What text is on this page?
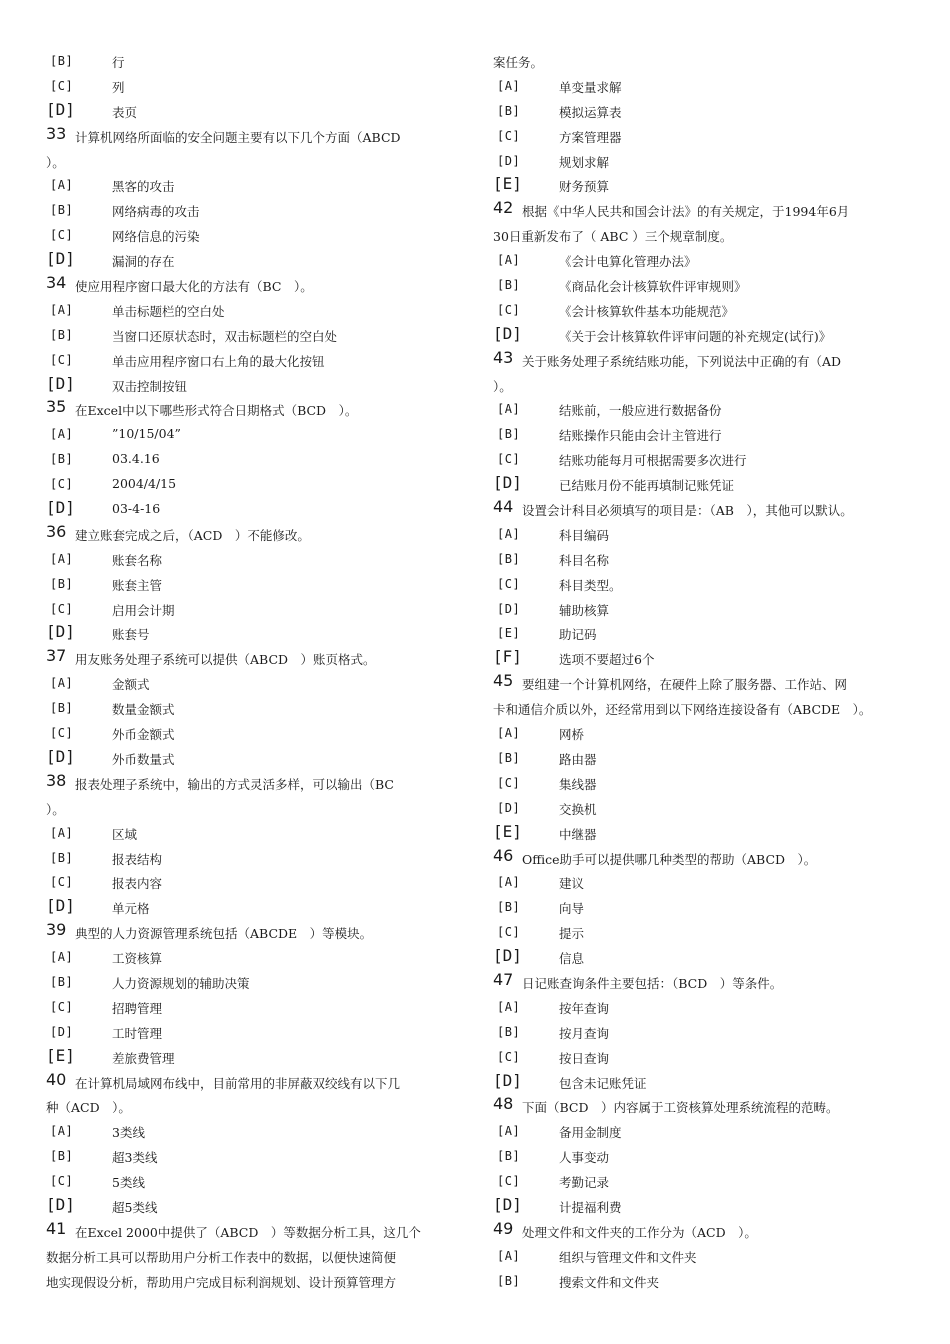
[B]	行
[C]	列
[D]	表页
33 计算机网络所面临的安全问题主要有以下几个方面（ABCD
）。
[A]	黑客的攻击
[B]	网络病毒的攻击
[C]	网络信息的污染
[D]	漏洞的存在
34 使应用程序窗口最大化的方法有（BC　）。
[A]	单击标题栏的空白处
[B]	当窗口还原状态时，双击标题栏的空白处
[C]	单击应用程序窗口右上角的最大化按钮
[D]	双击控制按钮
35 在Excel中以下哪些形式符合日期格式（BCD　）。
[A]	”10/15/04”
[B]	03.4.16
[C]	2004/4/15
[D]	03-4-16
36 建立账套完成之后，（ACD　）不能修改。
[A]	账套名称
[B]	账套主管
[C]	启用会计期
[D]	账套号
37 用友账务处理子系统可以提供（ABCD　）账页格式。
[A]	金额式
[B]	数量金额式
[C]	外币金额式
[D]	外币数量式
38 报表处理子系统中，输出的方式灵活多样，可以输出（BC
）。
[A]	区域
[B]	报表结构
[C]	报表内容
[D]	单元格
39 典型的人力资源管理系统包括（ABCDE　）等模块。
[A]	工资核算
[B]	人力资源规划的辅助决策
[C]	招聘管理
[D]	工时管理
[E]	差旅费管理
40 在计算机局域网布线中，目前常用的非屏蔽双绞线有以下几
种（ACD　）。
[A]	3类线
[B]	超3类线
[C]	5类线
[D]	超5类线
41 在Excel 2000中提供了（ABCD　）等数据分析工具，这几个
数据分析工具可以帮助用户分析工作表中的数据，以便快速简便
地实现假设分析，帮助用户完成目标利润规划、设计预算管理方
案任务。
[A]	单变量求解
[B]	模拟运算表
[C]	方案管理器
[D]	规划求解
[E]	财务预算
42 根据《中华人民共和国会计法》的有关规定，于1994年6月
30日重新发布了（ ABC ）三个规章制度。
[A]	《会计电算化管理办法》
[B]	《商品化会计核算软件评审规则》
[C]	《会计核算软件基本功能规范》
[D]	《关于会计核算软件评审问题的补充规定(试行)》
43 关于账务处理子系统结账功能，下列说法中正确的有（AD
）。
[A]	结账前，一般应进行数据备份
[B]	结账操作只能由会计主管进行
[C]	结账功能每月可根据需要多次进行
[D]	已结账月份不能再填制记账凭证
44 设置会计科目必须填写的项目是：（AB　），其他可以默认。
[A]	科目编码
[B]	科目名称
[C]	科目类型。
[D]	辅助核算
[E]	助记码
[F]	选项不要超过6个
45 要组建一个计算机网络，在硬件上除了服务器、工作站、网
卡和通信介质以外，还经常用到以下网络连接设备有（ABCDE　）。
[A]	网桥
[B]	路由器
[C]	集线器
[D]	交换机
[E]	中继器
46 Office助手可以提供哪几种类型的帮助（ABCD　）。
[A]	建议
[B]	向导
[C]	提示
[D]	信息
47 日记账查询条件主要包括：（BCD　）等条件。
[A]	按年查询
[B]	按月查询
[C]	按日查询
[D]	包含未记账凭证
48 下面（BCD　）内容属于工资核算处理系统流程的范畴。
[A]	备用金制度
[B]	人事变动
[C]	考勤记录
[D]	计提福利费
49 处理文件和文件夹的工作分为（ACD　）。
[A]	组织与管理文件和文件夹
[B]	搜索文件和文件夹
